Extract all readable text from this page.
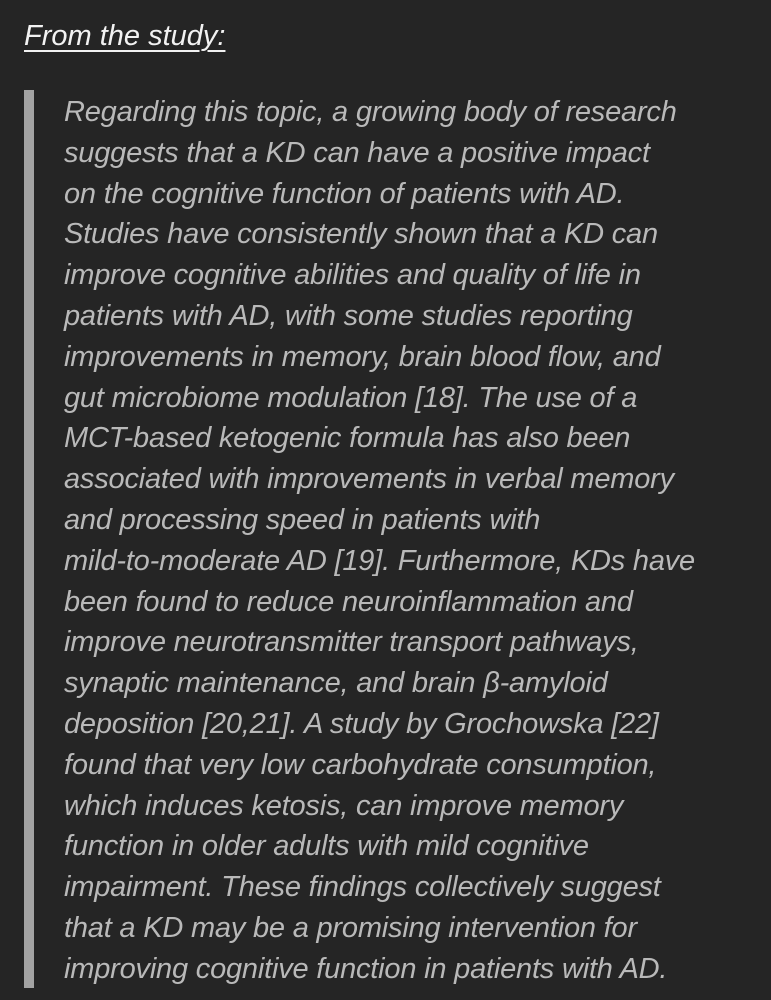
From the study:
Regarding this topic, a growing body of research
suggests that a KD can have a positive impact
on the cognitive function of patients with AD.
Studies have consistently shown that a KD can
improve cognitive abilities and quality of life in
patients with AD, with some studies reporting
improvements in memory, brain blood flow, and
gut microbiome modulation [18]. The use of a
MCT-based ketogenic formula has also been
associated with improvements in verbal memory
and processing speed in patients with
mild-to-moderate AD [19]. Furthermore, KDs have
been found to reduce neuroinflammation and
improve neurotransmitter transport pathways,
synaptic maintenance, and brain β-amyloid
deposition [20,21]. A study by Grochowska [22]
found that very low carbohydrate consumption,
which induces ketosis, can improve memory
function in older adults with mild cognitive
impairment. These findings collectively suggest
that a KD may be a promising intervention for
improving cognitive function in patients with AD.
